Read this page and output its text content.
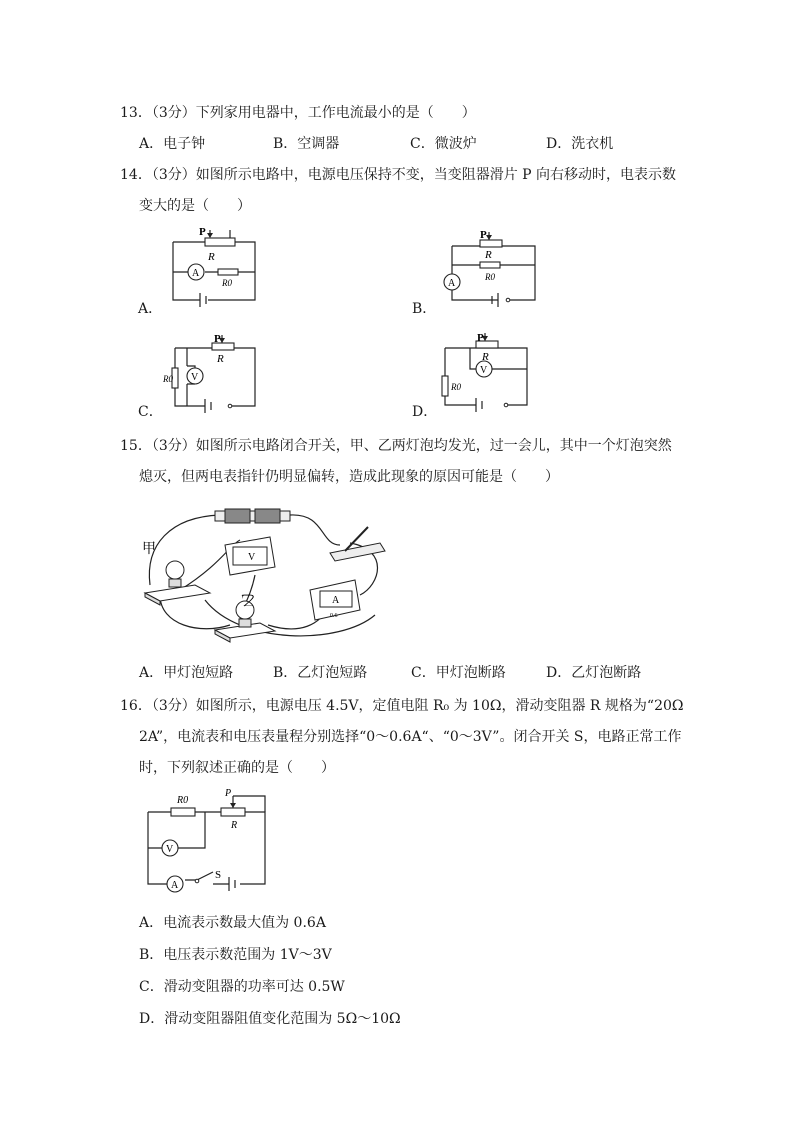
13．（3分）下列家用电器中，工作电流最小的是（　　）
A．电子钟	B．空调器	C．微波炉	D．洗衣机
14．（3分）如图所示电路中，电源电压保持不变，当变阻器滑片 P 向右移动时，电表示数
变大的是（　　）
A．
P
R
A
R0
B．
P
R
A
R0
C．
P
R
V
R0
D．
P
R
V
R0
15．（3分）如图所示电路闭合开关，甲、乙两灯泡均发光，过一会儿，其中一个灯泡突然
熄灭，但两电表指针仍明显偏转，造成此现象的原因可能是（　　）
甲
V
乙	A
0.6
A．甲灯泡短路	B．乙灯泡短路	C．甲灯泡断路	D．乙灯泡断路
16．（3分）如图所示，电源电压 4.5V，定值电阻 R₀ 为 10Ω，滑动变阻器 R 规格为“20Ω
2A”，电流表和电压表量程分别选择“0～0.6A“、“0～3V”。闭合开关 S，电路正常工作
时，下列叙述正确的是（　　）
R0
P
R
V
A
S
A．电流表示数最大值为 0.6A
B．电压表示数范围为 1V～3V
C．滑动变阻器的功率可达 0.5W
D．滑动变阻器阻值变化范围为 5Ω～10Ω
